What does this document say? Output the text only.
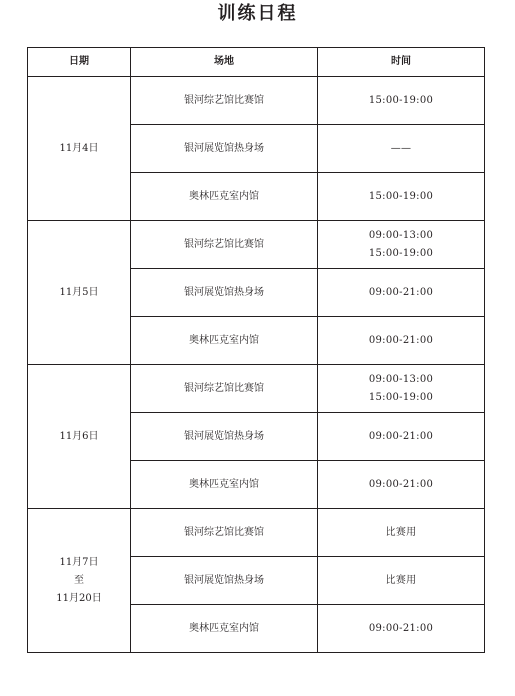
训练日程
日期	场地	时间

11月4日	银河综艺馆比赛馆	15:00-19:00

	银河展览馆热身场	——

	奥林匹克室内馆	15:00-19:00

11月5日	银河综艺馆比赛馆	09:00-13:00
15:00-19:00

	银河展览馆热身场	09:00-21:00

	奥林匹克室内馆	09:00-21:00

11月6日	银河综艺馆比赛馆	09:00-13:00
15:00-19:00

	银河展览馆热身场	09:00-21:00

	奥林匹克室内馆	09:00-21:00

11月7日
至
11月20日	银河综艺馆比赛馆	比赛用

	银河展览馆热身场	比赛用

	奥林匹克室内馆	09:00-21:00
